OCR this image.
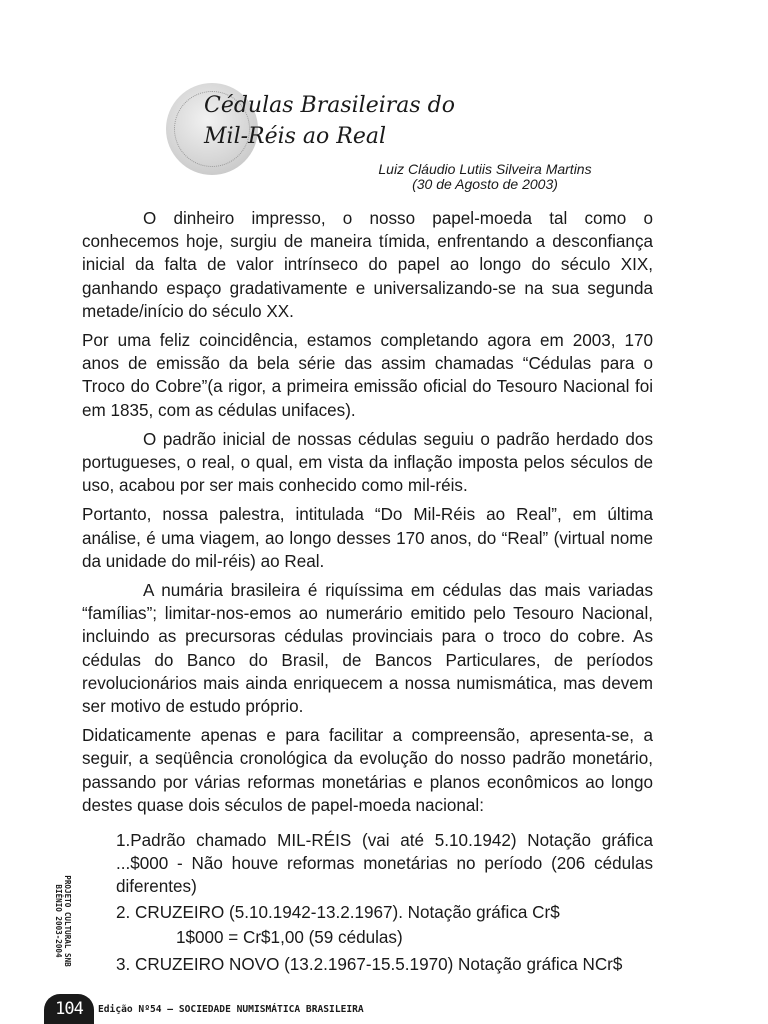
Cédulas Brasileiras do
Mil-Réis ao Real
Luiz Cláudio Lutiis Silveira Martins
(30 de Agosto de 2003)

O dinheiro impresso, o nosso papel-moeda tal como o conhecemos hoje, surgiu de maneira tímida, enfrentando a desconfiança inicial da falta de valor intrínseco do papel ao longo do século XIX, ganhando espaço gradativamente e universalizando-se na sua segunda metade/início do século XX.

Por uma feliz coincidência, estamos completando agora em 2003, 170 anos de emissão da bela série das assim chamadas “Cédulas para o Troco do Cobre”(a rigor, a primeira emissão oficial do Tesouro Nacional foi em 1835, com as cédulas unifaces).

O padrão inicial de nossas cédulas seguiu o padrão herdado dos portugueses, o real, o qual, em vista da inflação imposta pelos séculos de uso, acabou por ser mais conhecido como mil-réis.

Portanto, nossa palestra, intitulada “Do Mil-Réis ao Real”, em última análise, é uma viagem, ao longo desses 170 anos, do “Real” (virtual nome da unidade do mil-réis) ao Real.

A numária brasileira é riquíssima em cédulas das mais variadas “famílias”; limitar-nos-emos ao numerário emitido pelo Tesouro Nacional, incluindo as precursoras cédulas provinciais para o troco do cobre. As cédulas do Banco do Brasil, de Bancos Particulares, de períodos revolucionários mais ainda enriquecem a nossa numismática, mas devem ser motivo de estudo próprio.

Didaticamente apenas e para facilitar a compreensão, apresenta-se, a seguir, a seqüência cronológica da evolução do nosso padrão monetário, passando por várias reformas monetárias e planos econômicos ao longo destes quase dois séculos de papel-moeda nacional:

1.Padrão chamado MIL-RÉIS (vai até 5.10.1942) Notação gráfica ...$000 - Não houve reformas monetárias no período (206 cédulas diferentes)
2. CRUZEIRO (5.10.1942-13.2.1967). Notação gráfica Cr$
1$000 = Cr$1,00 (59 cédulas)
3. CRUZEIRO NOVO (13.2.1967-15.5.1970) Notação gráfica NCr$
PROJETO CULTURAL SNB
BIÊNIO 2003-2004
104	Edição Nº54 – SOCIEDADE NUMISMÁTICA BRASILEIRA
